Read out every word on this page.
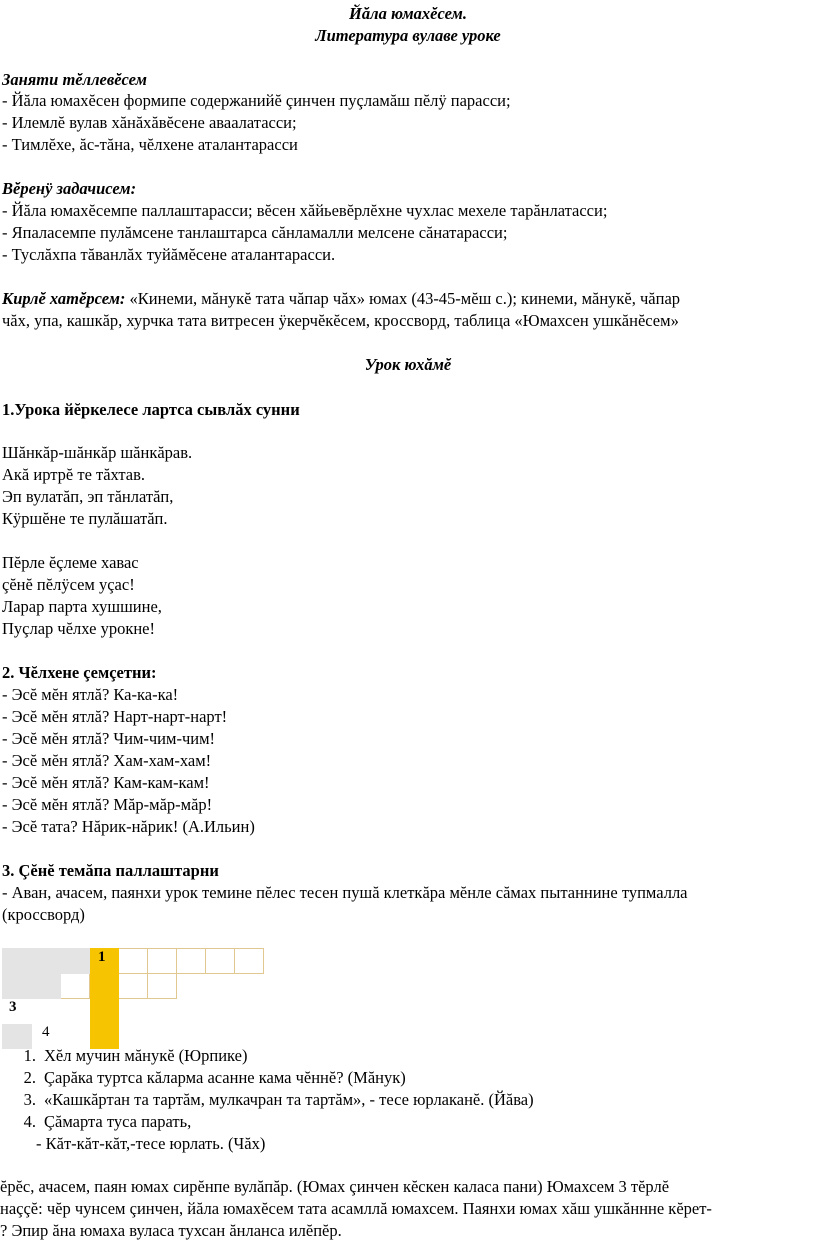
Йăла юмахĕсем.
Литература вулаве уроке
Заняти тĕллевĕсем
- Йăла юмахĕсен формипе содержанийĕ çинчен пуçламăш пĕлÿ парасси;
- Илемлĕ вулав хăнăхăвĕсене аваалатасси;
- Тимлĕхе, ăс-тăна, чĕлхене аталантарасси
Вĕренÿ задачисем:
- Йăла юмахĕсемпе паллаштарасси; вĕсен хăйьевĕрлĕхне чухлас мехеле тарăнлатасси;
- Япаласемпе пулăмсене танлаштарса сăнламалли мелсене сăнатарасси;
- Туслăхпа тăванлăх туйăмĕсене аталантарасси.
Кирлĕ хатĕрсем: «Кинеми, мăнукĕ тата чăпар чăх» юмах (43-45-мĕш с.); кинеми, мăнукĕ, чăпар
чăх, упа, кашкăр, хурчка тата витресен ÿкерчĕкĕсем, кроссворд, таблица «Юмахсен ушкăнĕсем»
Урок юхăмĕ
1.Урока йĕркелесе лартса сывлăх сунни
Шăнкăр-шăнкăр шăнкăрав.
Акă иртрĕ те тăхтав.
Эп вулатăп, эп тăнлатăп,
Кÿршĕне те пулăшатăп.
Пĕрле ĕçлеме хавас
çĕнĕ пĕлÿсем уçас!
Ларар парта хушшине,
Пуçлар чĕлхе урокне!
2. Чĕлхене çемçетни:
- Эсĕ мĕн ятлă? Ка-ка-ка!
- Эсĕ мĕн ятлă? Нарт-нарт-нарт!
- Эсĕ мĕн ятлă? Чим-чим-чим!
- Эсĕ мĕн ятлă? Хам-хам-хам!
- Эсĕ мĕн ятлă? Кам-кам-кам!
- Эсĕ мĕн ятлă? Мăр-мăр-мăр!
- Эсĕ тата? Нăрик-нăрик! (А.Ильин)
3. Çĕнĕ темăпа паллаштарни
- Аван, ачасем, паянхи урок темине пĕлес тесен пушă клеткăра мĕнле сăмах пытаннине тупмалла
(кроссворд)
			1					

3								
	4							
1. Хĕл мучин мăнукĕ (Юрпике)
2. Çарăка туртса кăларма асанне кама чĕннĕ? (Мăнук)
3. «Кашкăртан та тартăм, мулкачран та тартăм», - тесе юрлаканĕ. (Йăва)
4. Çăмарта туса парать,
- Кăт-кăт-кăт,-тесе юрлать. (Чăх)
ĕрĕс, ачасем, паян юмах сирĕнпе вулăпăр. (Юмах çинчен кĕскен каласа пани) Юмахсем 3 тĕрлĕ
наççĕ: чĕр чунсем çинчен, йăла юмахĕсем тата асамллă юмахсем. Паянхи юмах хăш ушкăннне кĕрет-
? Эпир ăна юмаха вуласа тухсан ăнланса илĕпĕр.
